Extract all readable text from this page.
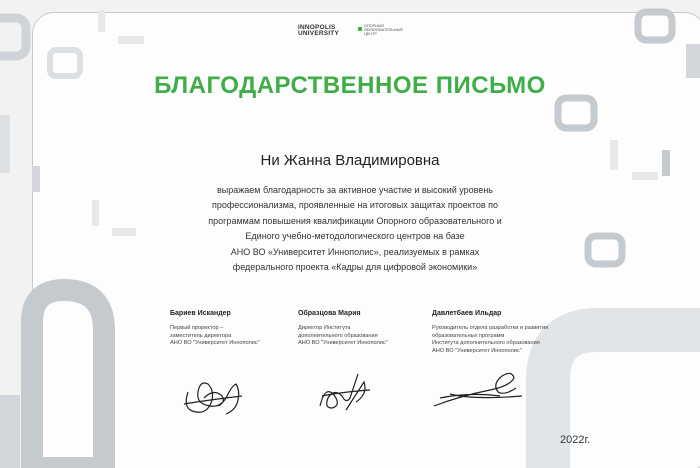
INNOPOLIS
UNIVERSITY
ОПОРНЫЙ
ОБРАЗОВАТЕЛЬНЫЙ
ЦЕНТР
БЛАГОДАРСТВЕННОЕ ПИСЬМО
Ни Жанна Владимировна
выражаем благодарность за активное участие и высокий уровень
профессионализма, проявленные на итоговых защитах проектов по
программам повышения квалификации Опорного образовательного и
Единого учебно-методологического центров на базе
АНО ВО «Университет Иннополис», реализуемых в рамках
федерального проекта «Кадры для цифровой экономики»
Бариев Искандер
Первый проректор –
заместитель директора
АНО ВО "Университет Иннополис"
Образцова Мария
Директор Института
дополнительного образования
АНО ВО "Университет Иннополис"
Давлетбаев Ильдар
Руководитель отдела разработки и развития
образовательных программ
Института дополнительного образования
АНО ВО "Университет Иннополис"
2022г.
